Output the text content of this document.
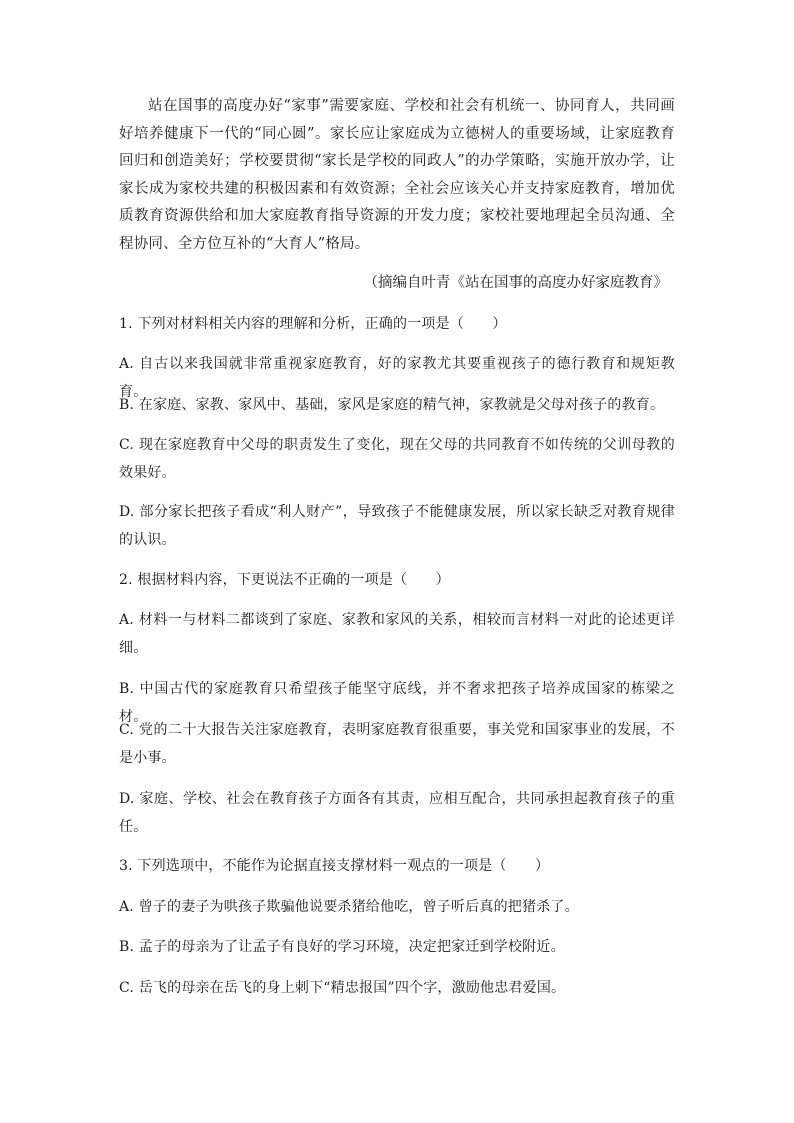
站在国事的高度办好“家事”需要家庭、学校和社会有机统一、协同育人，共同画好培养健康下一代的“同心圆”。家长应让家庭成为立德树人的重要场域，让家庭教育回归和创造美好；学校要贯彻“家长是学校的同政人”的办学策略，实施开放办学，让家长成为家校共建的积极因素和有效资源；全社会应该关心并支持家庭教育，增加优质教育资源供给和加大家庭教育指导资源的开发力度；家校社要地理起全员沟通、全程协同、全方位互补的“大育人”格局。
（摘编自叶青《站在国事的高度办好家庭教育》
1. 下列对材料相关内容的理解和分析，正确的一项是（　　）
A. 自古以来我国就非常重视家庭教育，好的家教尤其要重视孩子的德行教育和规矩教育。
B. 在家庭、家教、家风中、基础，家风是家庭的精气神，家教就是父母对孩子的教育。
C. 现在家庭教育中父母的职责发生了变化，现在父母的共同教育不如传统的父训母教的效果好。
D. 部分家长把孩子看成“利人财产”，导致孩子不能健康发展，所以家长缺乏对教育规律的认识。
2. 根据材料内容，下更说法不正确的一项是（　　）
A. 材料一与材料二都谈到了家庭、家教和家风的关系，相较而言材料一对此的论述更详细。
B. 中国古代的家庭教育只希望孩子能坚守底线，并不奢求把孩子培养成国家的栋梁之材。
C. 党的二十大报告关注家庭教育，表明家庭教育很重要，事关党和国家事业的发展，不是小事。
D. 家庭、学校、社会在教育孩子方面各有其责，应相互配合，共同承担起教育孩子的重任。
3. 下列选项中，不能作为论据直接支撑材料一观点的一项是（　　）
A. 曾子的妻子为哄孩子欺骗他说要杀猪给他吃，曾子听后真的把猪杀了。
B. 孟子的母亲为了让孟子有良好的学习环境，决定把家迁到学校附近。
C. 岳飞的母亲在岳飞的身上刺下“精忠报国”四个字，激励他忠君爱国。
